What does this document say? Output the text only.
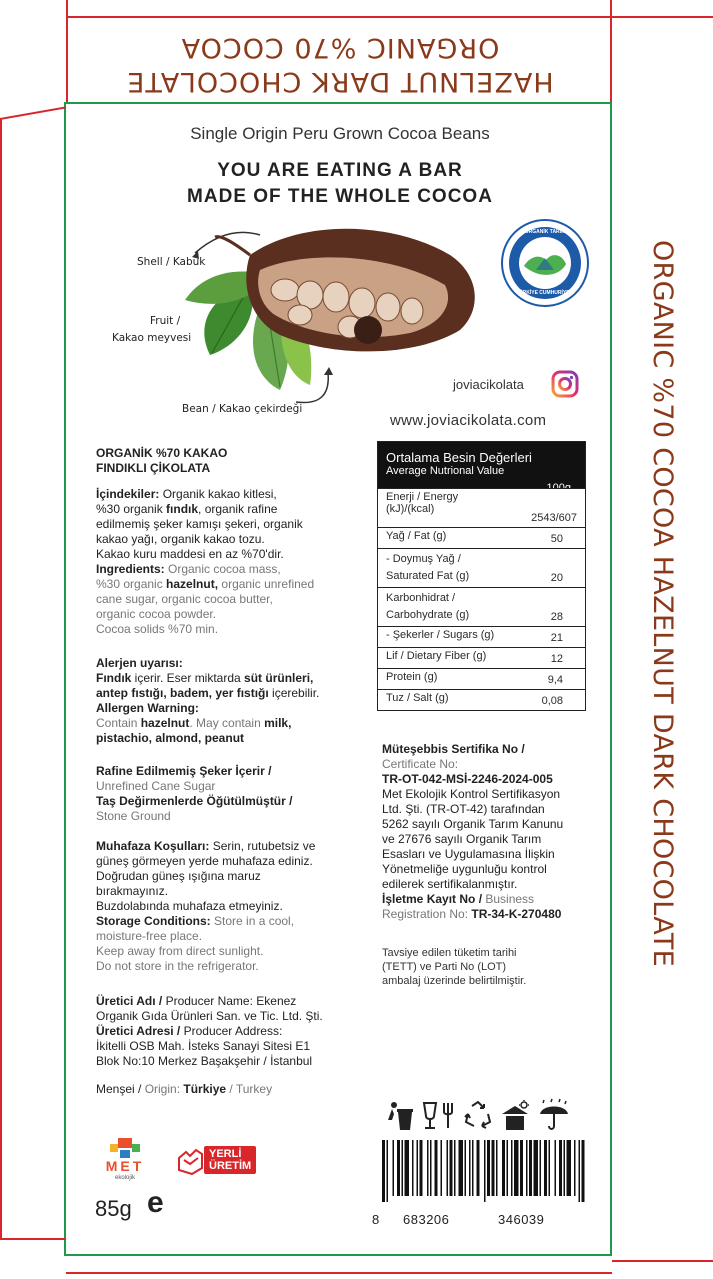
HAZELNUT DARK CHOCOLATE
ORGANIC %70 COCOA
ORGANIC %70 COCOA HAZELNUT DARK CHOCOLATE
Single Origin Peru Grown Cocoa Beans
YOU ARE EATING A BAR
MADE OF THE WHOLE COCOA
Shell / Kabuk
Fruit /
Kakao meyvesi
Bean / Kakao çekirdeği
ORGANİK TARIM
TÜRKİYE CUMHURİYETİ
joviacikolata
www.joviacikolata.com
ORGANİK %70 KAKAO
FINDIKLI ÇİKOLATA
İçindekiler: Organik kakao kitlesi,
%30 organik fındık, organik rafine
edilmemiş şeker kamışı şekeri, organik
kakao yağı, organik kakao tozu.
Kakao kuru maddesi en az %70'dir.
Ingredients: Organic cocoa mass,
%30 organic hazelnut, organic unrefined
cane sugar, organic cocoa butter,
organic cocoa powder.
Cocoa solids %70 min.
Alerjen uyarısı:
Fındık içerir. Eser miktarda süt ürünleri,
antep fıstığı, badem, yer fıstığı içerebilir.
Allergen Warning:
Contain hazelnut. May contain milk,
pistachio, almond, peanut
Rafine Edilmemiş Şeker İçerir /
Unrefined Cane Sugar
Taş Değirmenlerde Öğütülmüştür /
Stone Ground
Muhafaza Koşulları: Serin, rutubetsiz ve
güneş görmeyen yerde muhafaza ediniz.
Doğrudan güneş ışığına maruz
bırakmayınız.
Buzdolabında muhafaza etmeyiniz.
Storage Conditions: Store in a cool,
moisture-free place.
Keep away from direct sunlight.
Do not store in the refrigerator.
Üretici Adı / Producer Name: Ekenez
Organik Gıda Ürünleri San. ve Tic. Ltd. Şti.
Üretici Adresi / Producer Address:
İkitelli OSB Mah. İsteks Sanayi Sitesi E1
Blok No:10 Merkez Başakşehir / İstanbul
Menşei / Origin: Türkiye / Turkey
MET
ekolojik
YERLİ
ÜRETİM
85g e
Ortalama Besin Değerleri
Average Nutrional Value
100g
Enerji / Energy
(kJ)/(kcal)
2543/607
Yağ / Fat (g)	50
- Doymuş Yağ /
Saturated Fat (g)	20
Karbonhidrat /
Carbohydrate (g)	28
- Şekerler / Sugars (g)	21
Lif / Dietary Fiber (g)	12
Protein (g)	9,4
Tuz / Salt (g)	0,08
Müteşebbis Sertifika No /
Certificate No:
TR-OT-042-MSİ-2246-2024-005
Met Ekolojik Kontrol Sertifikasyon
Ltd. Şti. (TR-OT-42) tarafından
5262 sayılı Organik Tarım Kanunu
ve 27676 sayılı Organik Tarım
Esasları ve Uygulamasına İlişkin
Yönetmeliğe uygunluğu kontrol
edilerek sertifikalanmıştır.
İşletme Kayıt No / Business
Registration No: TR-34-K-270480
Tavsiye edilen tüketim tarihi
(TETT) ve Parti No (LOT)
ambalaj üzerinde belirtilmiştir.
8 683206	346039
